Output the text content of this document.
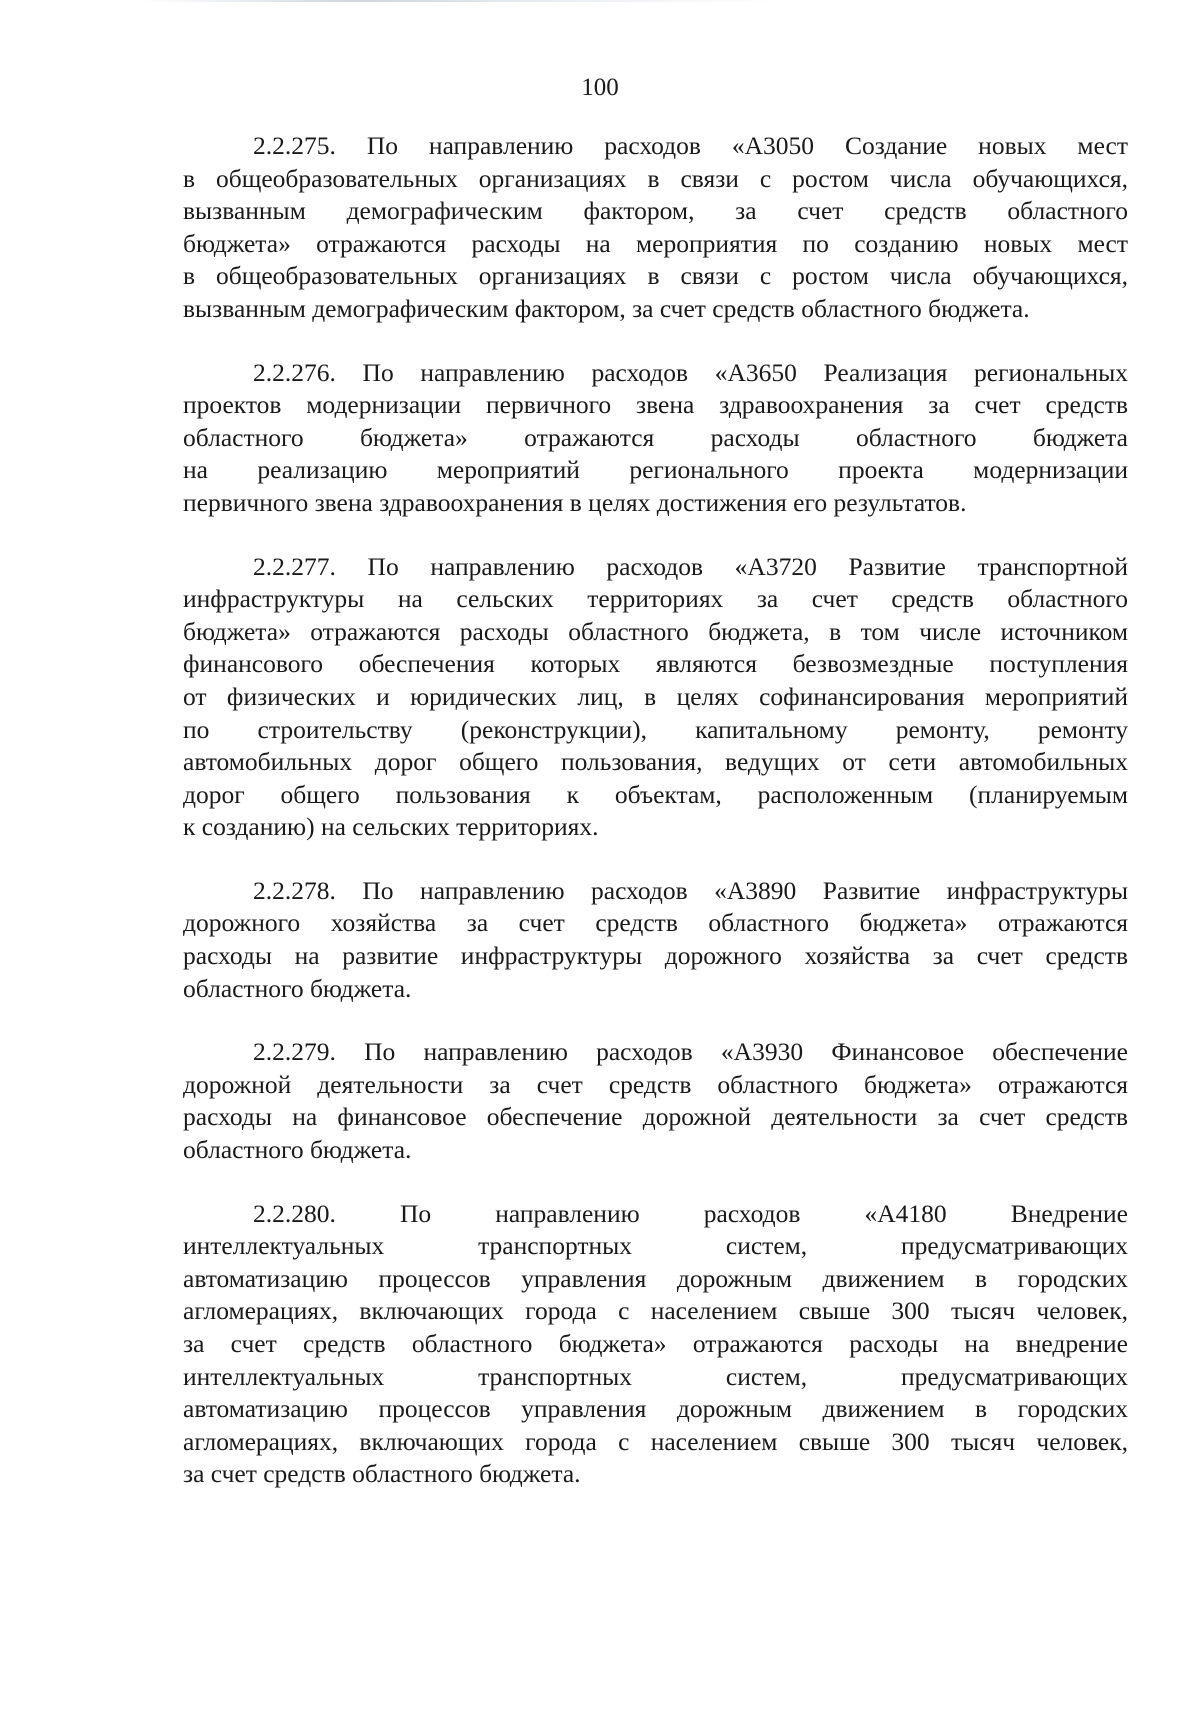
100

2.2.275. По направлению расходов «A3050 Создание новых мест
в общеобразовательных организациях в связи с ростом числа обучающихся,
вызванным демографическим фактором, за счет средств областного
бюджета» отражаются расходы на мероприятия по созданию новых мест
в общеобразовательных организациях в связи с ростом числа обучающихся,
вызванным демографическим фактором, за счет средств областного бюджета.

2.2.276. По направлению расходов «A3650 Реализация региональных
проектов модернизации первичного звена здравоохранения за счет средств
областного бюджета» отражаются расходы областного бюджета
на реализацию мероприятий регионального проекта модернизации
первичного звена здравоохранения в целях достижения его результатов.

2.2.277. По направлению расходов «A3720 Развитие транспортной
инфраструктуры на сельских территориях за счет средств областного
бюджета» отражаются расходы областного бюджета, в том числе источником
финансового обеспечения которых являются безвозмездные поступления
от физических и юридических лиц, в целях софинансирования мероприятий
по строительству (реконструкции), капитальному ремонту, ремонту
автомобильных дорог общего пользования, ведущих от сети автомобильных
дорог общего пользования к объектам, расположенным (планируемым
к созданию) на сельских территориях.

2.2.278. По направлению расходов «A3890 Развитие инфраструктуры
дорожного хозяйства за счет средств областного бюджета» отражаются
расходы на развитие инфраструктуры дорожного хозяйства за счет средств
областного бюджета.

2.2.279. По направлению расходов «A3930 Финансовое обеспечение
дорожной деятельности за счет средств областного бюджета» отражаются
расходы на финансовое обеспечение дорожной деятельности за счет средств
областного бюджета.

2.2.280. По направлению расходов «A4180 Внедрение
интеллектуальных транспортных систем, предусматривающих
автоматизацию процессов управления дорожным движением в городских
агломерациях, включающих города с населением свыше 300 тысяч человек,
за счет средств областного бюджета» отражаются расходы на внедрение
интеллектуальных транспортных систем, предусматривающих
автоматизацию процессов управления дорожным движением в городских
агломерациях, включающих города с населением свыше 300 тысяч человек,
за счет средств областного бюджета.
